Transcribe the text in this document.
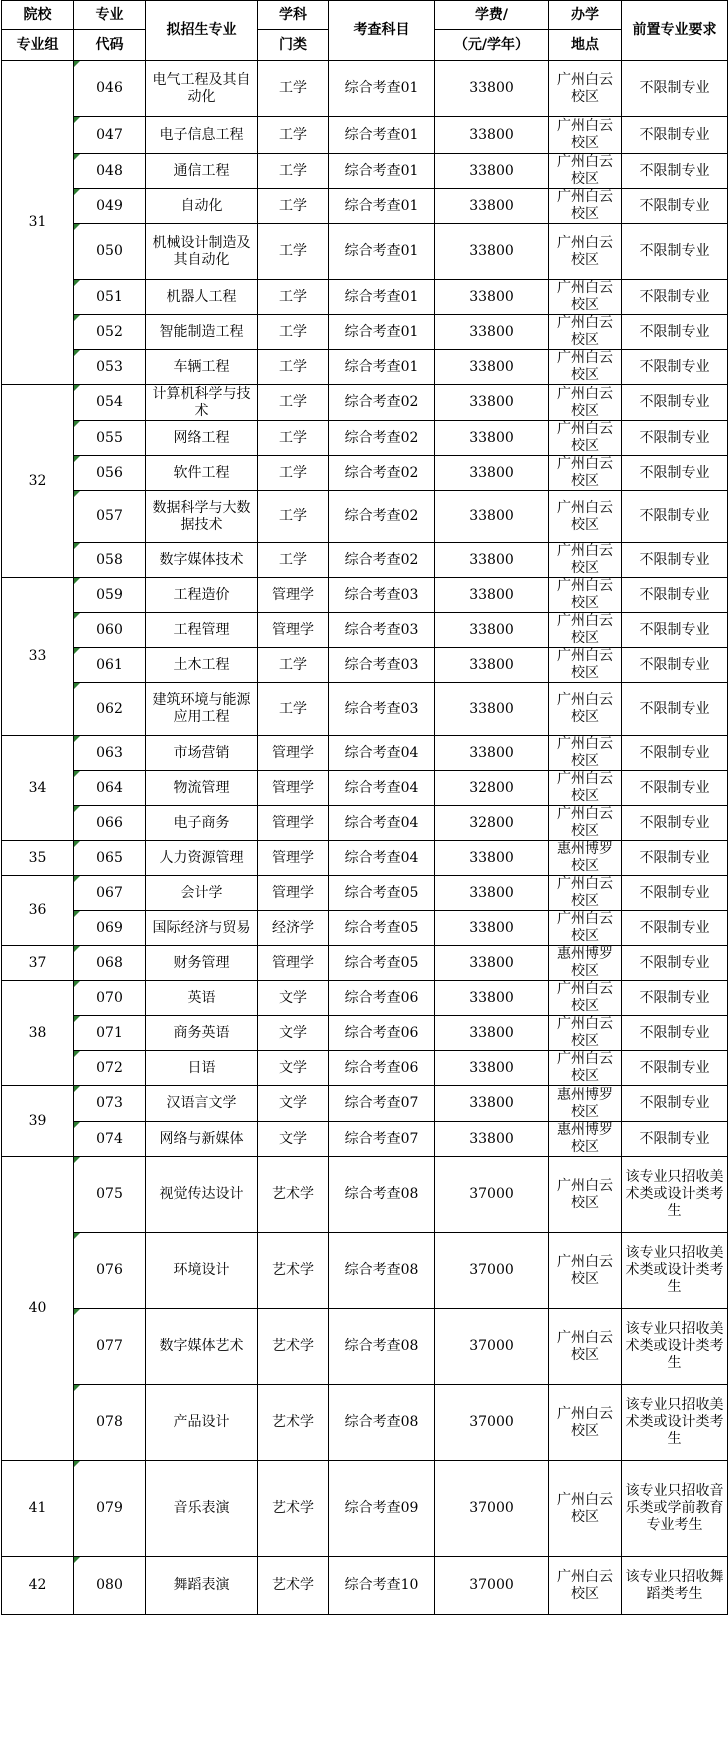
院校	专业	拟招生专业	学科	考查科目	学费/	办学	前置专业要求
专业组	代码		门类		（元/学年）	地点	
31	046	电气工程及其自动化	工学	综合考查01	33800	广州白云校区	不限制专业
	047	电子信息工程	工学	综合考查01	33800	广州白云校区	不限制专业
	048	通信工程	工学	综合考查01	33800	广州白云校区	不限制专业
	049	自动化	工学	综合考查01	33800	广州白云校区	不限制专业
	050	机械设计制造及其自动化	工学	综合考查01	33800	广州白云校区	不限制专业
	051	机器人工程	工学	综合考查01	33800	广州白云校区	不限制专业
	052	智能制造工程	工学	综合考查01	33800	广州白云校区	不限制专业
	053	车辆工程	工学	综合考查01	33800	广州白云校区	不限制专业
32	054	计算机科学与技术	工学	综合考查02	33800	广州白云校区	不限制专业
	055	网络工程	工学	综合考查02	33800	广州白云校区	不限制专业
	056	软件工程	工学	综合考查02	33800	广州白云校区	不限制专业
	057	数据科学与大数据技术	工学	综合考查02	33800	广州白云校区	不限制专业
	058	数字媒体技术	工学	综合考查02	33800	广州白云校区	不限制专业
33	059	工程造价	管理学	综合考查03	33800	广州白云校区	不限制专业
	060	工程管理	管理学	综合考查03	33800	广州白云校区	不限制专业
	061	土木工程	工学	综合考查03	33800	广州白云校区	不限制专业
	062	建筑环境与能源应用工程	工学	综合考查03	33800	广州白云校区	不限制专业
34	063	市场营销	管理学	综合考查04	33800	广州白云校区	不限制专业
	064	物流管理	管理学	综合考查04	32800	广州白云校区	不限制专业
	066	电子商务	管理学	综合考查04	32800	广州白云校区	不限制专业
35	065	人力资源管理	管理学	综合考查04	33800	惠州博罗校区	不限制专业
36	067	会计学	管理学	综合考查05	33800	广州白云校区	不限制专业
	069	国际经济与贸易	经济学	综合考查05	33800	广州白云校区	不限制专业
37	068	财务管理	管理学	综合考查05	33800	惠州博罗校区	不限制专业
38	070	英语	文学	综合考查06	33800	广州白云校区	不限制专业
	071	商务英语	文学	综合考查06	33800	广州白云校区	不限制专业
	072	日语	文学	综合考查06	33800	广州白云校区	不限制专业
39	073	汉语言文学	文学	综合考查07	33800	惠州博罗校区	不限制专业
	074	网络与新媒体	文学	综合考查07	33800	惠州博罗校区	不限制专业
40	075	视觉传达设计	艺术学	综合考查08	37000	广州白云校区	该专业只招收美术类或设计类考生
	076	环境设计	艺术学	综合考查08	37000	广州白云校区	该专业只招收美术类或设计类考生
	077	数字媒体艺术	艺术学	综合考查08	37000	广州白云校区	该专业只招收美术类或设计类考生
	078	产品设计	艺术学	综合考查08	37000	广州白云校区	该专业只招收美术类或设计类考生
41	079	音乐表演	艺术学	综合考查09	37000	广州白云校区	该专业只招收音乐类或学前教育专业考生
42	080	舞蹈表演	艺术学	综合考查10	37000	广州白云校区	该专业只招收舞蹈类考生
